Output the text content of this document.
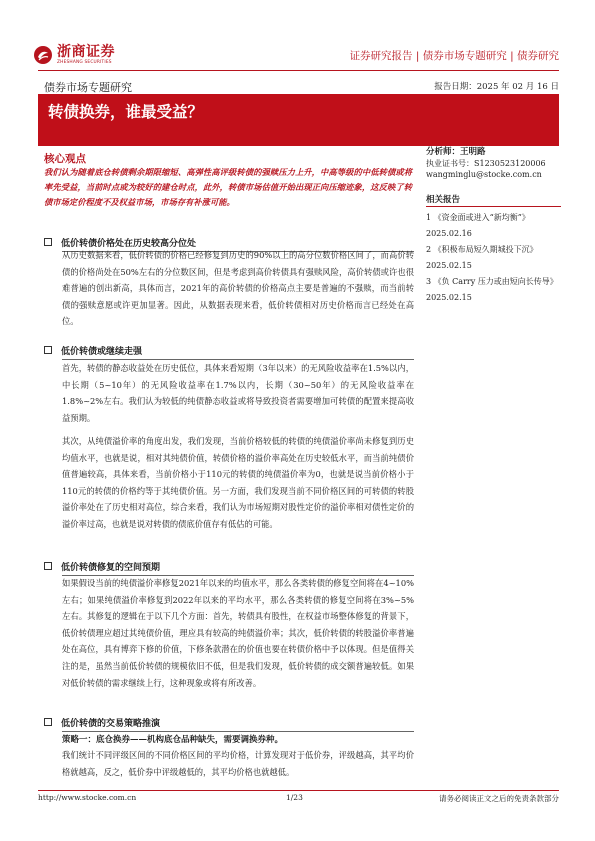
浙商证券
ZHESHANG SECURITIES
证券研究报告 | 债券市场专题研究 | 债券研究
债券市场专题研究	报告日期：2025 年 02 月 16 日
转债换券，谁最受益？
核心观点
我们认为随着底仓转债剩余期限缩短、高弹性高评级转债的强赎压力上升，中高等级的中低转债或将率先受益，当前时点或为较好的建仓时点，此外，转债市场估值开始出现正向压缩迹象，这反映了转债市场定价程度不及权益市场，市场存有补涨可能。
分析师：王明路
执业证书号：S1230523120006
wangminglu@stocke.com.cn
相关报告
1 《资金面或进入“新均衡”》
2025.02.16
2 《积极布局短久期城投下沉》
2025.02.15
3 《负 Carry 压力或由短向长传导》 2025.02.15
低价转债价格处在历史较高分位处
从历史数据来看，低价转债的价格已经修复到历史的90%以上的高分位数价格区间了，而高价转债的价格尚处在50%左右的分位数区间，但是考虑到高价转债具有强赎风险，高价转债或许也很难普遍的创出新高，具体而言，2021年的高价转债的价格高点主要是普遍的不强赎，而当前转债的强赎意愿或许更加显著。因此，从数据表现来看，低价转债相对历史价格而言已经处在高位。
低价转债或继续走强
首先，转债的静态收益处在历史低位，具体来看短期（3年以来）的无风险收益率在1.5%以内，中长期（5~10年）的无风险收益率在1.7%以内，长期（30~50年）的无风险收益率在1.8%~2%左右。我们认为较低的纯债静态收益或将导致投资者需要增加可转债的配置来提高收益预期。
其次，从纯债溢价率的角度出发，我们发现，当前价格较低的转债的纯债溢价率尚未修复到历史均值水平，也就是说，相对其纯债价值，转债价格的溢价率高处在历史较低水平，而当前纯债价值普遍较高，具体来看，当前价格小于110元的转债的纯债溢价率为0，也就是说当前价格小于110元的转债的价格约等于其纯债价值。另一方面，我们发现当前不同价格区间的可转债的转股溢价率处在了历史相对高位，综合来看，我们认为市场短期对股性定价的溢价率相对债性定价的溢价率过高，也就是说对转债的债底价值存有低估的可能。
低价转债修复的空间预期
如果假设当前的纯债溢价率修复2021年以来的均值水平，那么各类转债的修复空间将在4~10%左右；如果纯债溢价率修复到2022年以来的平均水平，那么各类转债的修复空间将在3%~5%左右。其修复的逻辑在于以下几个方面：首先，转债具有股性，在权益市场整体修复的背景下，低价转债理应超过其纯债价值，理应具有较高的纯债溢价率；其次，低价转债的转股溢价率普遍处在高位，具有博弈下修的价值，下修条款潜在的价值也要在转债价格中予以体现。但是值得关注的是，虽然当前低价转债的规模依旧不低，但是我们发现，低价转债的成交额普遍较低。如果对低价转债的需求继续上行，这种现象或将有所改善。
低价转债的交易策略推演
策略一：底仓换券——机构底仓品种缺失，需要调换券种。
我们统计不同评级区间的不同价格区间的平均价格，计算发现对于低价券，评级越高，其平均价格就越高，反之，低价券中评级越低的，其平均价格也就越低。
http://www.stocke.com.cn	1/23	请务必阅读正文之后的免责条款部分
